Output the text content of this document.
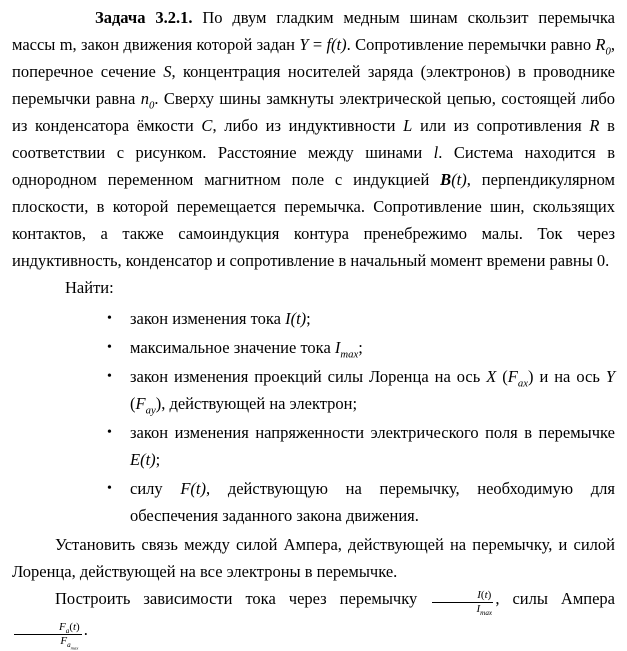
Задача 3.2.1. По двум гладким медным шинам скользит перемычка массы m, закон движения которой задан Y = f(t). Сопротивление перемычки равно $R_0$, поперечное сечение S, концентрация носителей заряда (электронов) в проводнике перемычки равна $n_0$. Сверху шины замкнуты электрической цепью, состоящей либо из конденсатора ёмкости C, либо из индуктивности L или из сопротивления R в соответствии с рисунком. Расстояние между шинами l. Система находится в однородном переменном магнитном поле с индукцией B(t), перпендикулярном плоскости, в которой перемещается перемычка. Сопротивление шин, скользящих контактов, а также самоиндукция контура пренебрежимо малы. Ток через индуктивность, конденсатор и сопротивление в начальный момент времени равны 0.

Найти:

• закон изменения тока I(t);
• максимальное значение тока $I_{max}$;
• закон изменения проекций силы Лоренца на ось X $(F_{ax})$ и на ось Y $(F_{ay})$, действующей на электрон;
• закон изменения напряженности электрического поля в перемычке E(t);
• силу F(t), действующую на перемычку, необходимую для обеспечения заданного закона движения.

Установить связь между силой Ампера, действующей на перемычку, и силой Лоренца, действующей на все электроны в перемычке.

Построить зависимости тока через перемычку $\frac{I(t)}{I_{max}}$ , силы Ампера
$\frac{F_a(t)}{F_{a_{max}}}$ .
